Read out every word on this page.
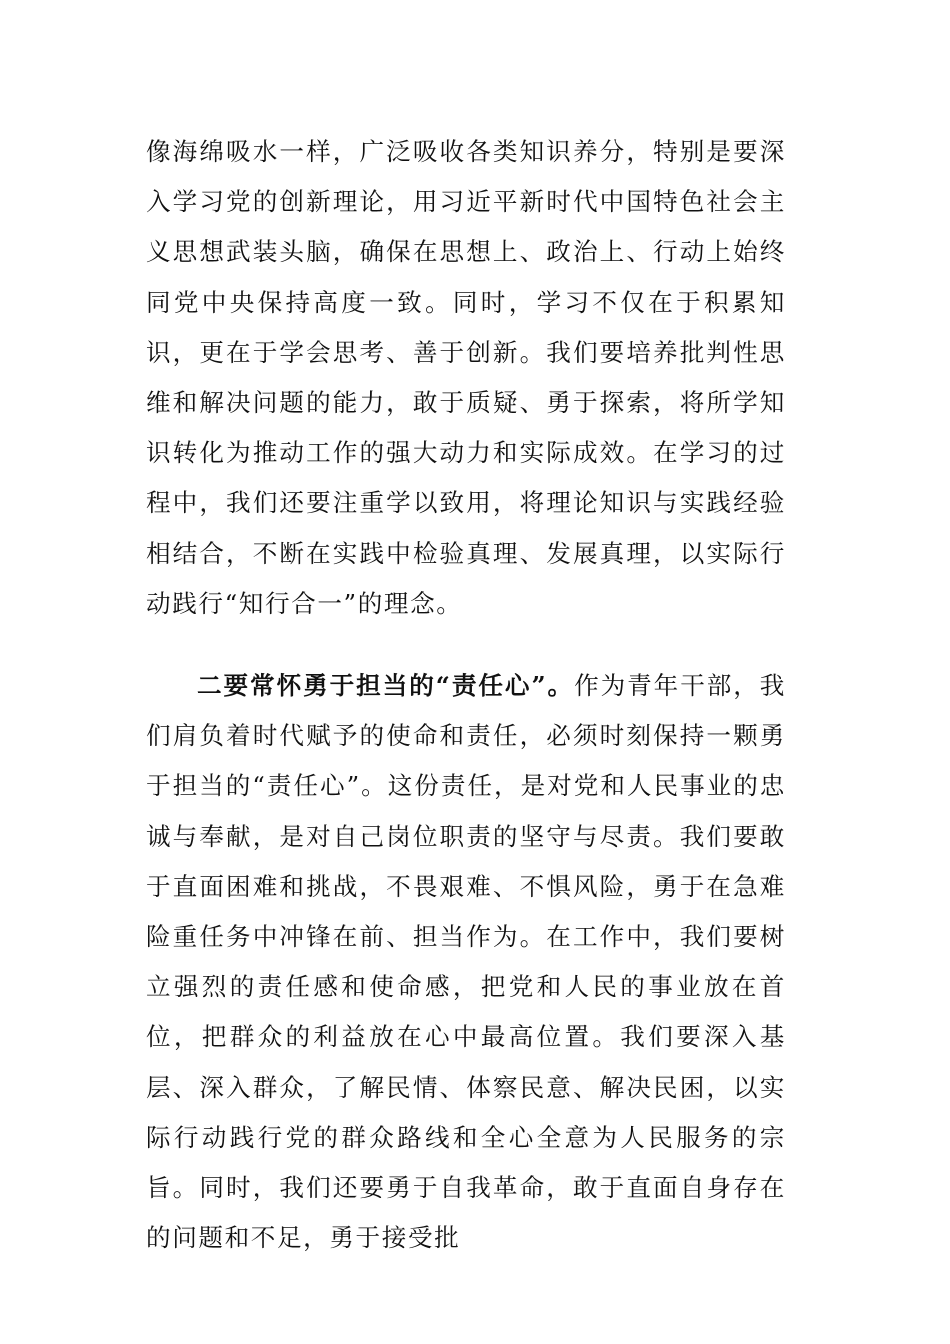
像海绵吸水一样，广泛吸收各类知识养分，特别是要深入学习党的创新理论，用习近平新时代中国特色社会主义思想武装头脑，确保在思想上、政治上、行动上始终同党中央保持高度一致。同时，学习不仅在于积累知识，更在于学会思考、善于创新。我们要培养批判性思维和解决问题的能力，敢于质疑、勇于探索，将所学知识转化为推动工作的强大动力和实际成效。在学习的过程中，我们还要注重学以致用，将理论知识与实践经验相结合，不断在实践中检验真理、发展真理，以实际行动践行“知行合一”的理念。

二要常怀勇于担当的“责任心”。作为青年干部，我们肩负着时代赋予的使命和责任，必须时刻保持一颗勇于担当的“责任心”。这份责任，是对党和人民事业的忠诚与奉献，是对自己岗位职责的坚守与尽责。我们要敢于直面困难和挑战，不畏艰难、不惧风险，勇于在急难险重任务中冲锋在前、担当作为。在工作中，我们要树立强烈的责任感和使命感，把党和人民的事业放在首位，把群众的利益放在心中最高位置。我们要深入基层、深入群众，了解民情、体察民意、解决民困，以实际行动践行党的群众路线和全心全意为人民服务的宗旨。同时，我们还要勇于自我革命，敢于直面自身存在的问题和不足，勇于接受批
